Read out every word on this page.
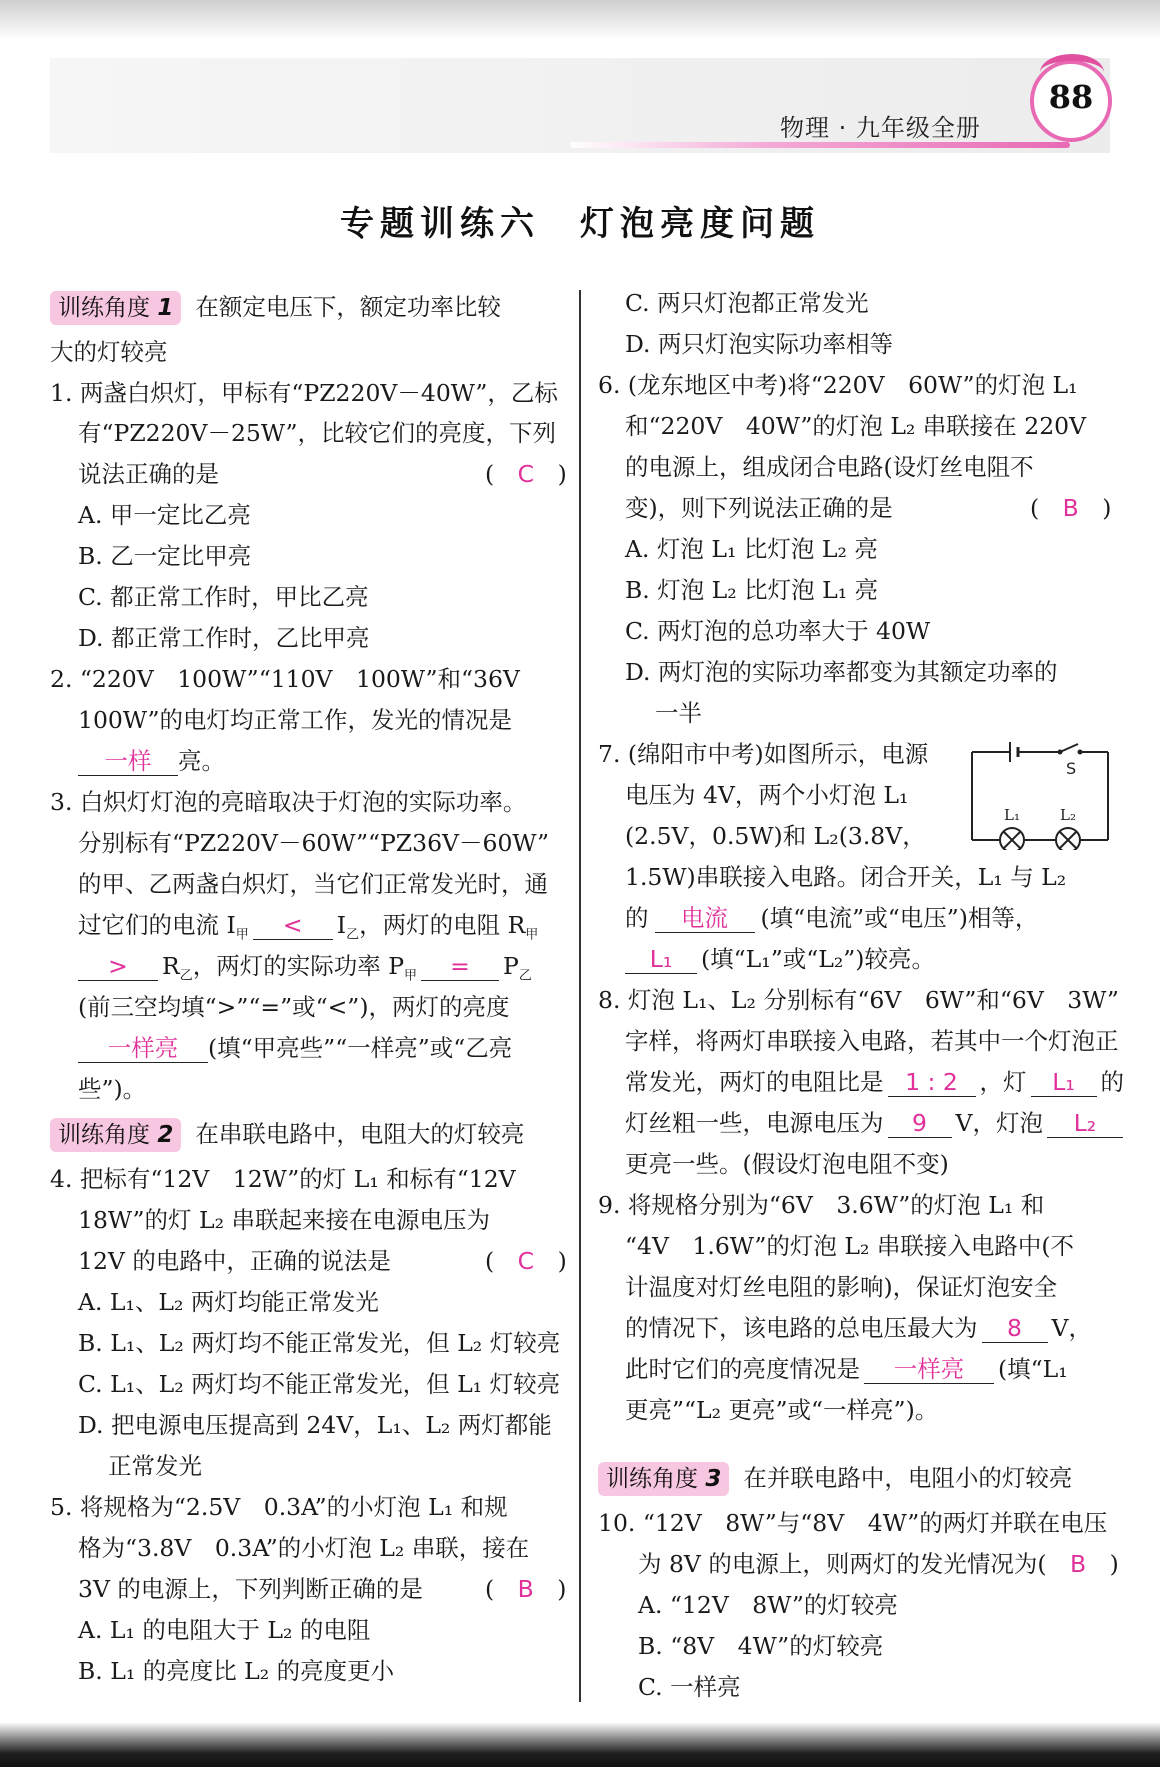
物理 · 九年级全册
88
专题训练六　灯泡亮度问题
训练角度 1 在额定电压下，额定功率比较
大的灯较亮
1. 两盏白炽灯，甲标有“PZ220V－40W”，乙标
有“PZ220V－25W”，比较它们的亮度，下列
说法正确的是	(　C　)
A. 甲一定比乙亮
B. 乙一定比甲亮
C. 都正常工作时，甲比乙亮
D. 都正常工作时，乙比甲亮
2. “220V　100W”“110V　100W”和“36V
100W”的电灯均正常工作，发光的情况是
一样 亮。
3. 白炽灯灯泡的亮暗取决于灯泡的实际功率。
分别标有“PZ220V－60W”“PZ36V－60W”
的甲、乙两盏白炽灯，当它们正常发光时，通
过它们的电流 $I_甲 < I_乙$，两灯的电阻 $R_甲$
> $R_乙$，两灯的实际功率 $P_甲 = P_乙$
(前三空均填“>”“=”或“<”)，两灯的亮度
一样亮 (填“甲亮些”“一样亮”或“乙亮
些”)。
训练角度 2 在串联电路中，电阻大的灯较亮
4. 把标有“12V　12W”的灯 L₁ 和标有“12V
18W”的灯 L₂ 串联起来接在电源电压为
12V 的电路中，正确的说法是	(　C　)
A. L₁、L₂ 两灯均能正常发光
B. L₁、L₂ 两灯均不能正常发光，但 L₂ 灯较亮
C. L₁、L₂ 两灯均不能正常发光，但 L₁ 灯较亮
D. 把电源电压提高到 24V，L₁、L₂ 两灯都能
正常发光
5. 将规格为“2.5V　0.3A”的小灯泡 L₁ 和规
格为“3.8V　0.3A”的小灯泡 L₂ 串联，接在
3V 的电源上，下列判断正确的是	(　B　)
A. L₁ 的电阻大于 L₂ 的电阻
B. L₁ 的亮度比 L₂ 的亮度更小
C. 两只灯泡都正常发光
D. 两只灯泡实际功率相等
6. (龙东地区中考)将“220V　60W”的灯泡 L₁
和“220V　40W”的灯泡 L₂ 串联接在 220V
的电源上，组成闭合电路(设灯丝电阻不
变)，则下列说法正确的是	(　B　)
A. 灯泡 L₁ 比灯泡 L₂ 亮
B. 灯泡 L₂ 比灯泡 L₁ 亮
C. 两灯泡的总功率大于 40W
D. 两灯泡的实际功率都变为其额定功率的
一半
7. (绵阳市中考)如图所示，电源
电压为 4V，两个小灯泡 L₁
(2.5V，0.5W)和 L₂(3.8V，
1.5W)串联接入电路。闭合开关，L₁ 与 L₂
的 电流 (填“电流”或“电压”)相等，
L₁ (填“L₁”或“L₂”)较亮。
S
L₁	L₂
8. 灯泡 L₁、L₂ 分别标有“6V　6W”和“6V　3W”
字样，将两灯串联接入电路，若其中一个灯泡正
常发光，两灯的电阻比是 1 : 2 ，灯 L₁ 的
灯丝粗一些，电源电压为 9 V，灯泡 L₂
更亮一些。(假设灯泡电阻不变)
9. 将规格分别为“6V　3.6W”的灯泡 L₁ 和
“4V　1.6W”的灯泡 L₂ 串联接入电路中(不
计温度对灯丝电阻的影响)，保证灯泡安全
的情况下，该电路的总电压最大为 8 V，
此时它们的亮度情况是 一样亮 (填“L₁
更亮”“L₂ 更亮”或“一样亮”)。
训练角度 3 在并联电路中，电阻小的灯较亮
10. “12V　8W”与“8V　4W”的两灯并联在电压
为 8V 的电源上，则两灯的发光情况为(　B　)
A. “12V　8W”的灯较亮
B. “8V　4W”的灯较亮
C. 一样亮
